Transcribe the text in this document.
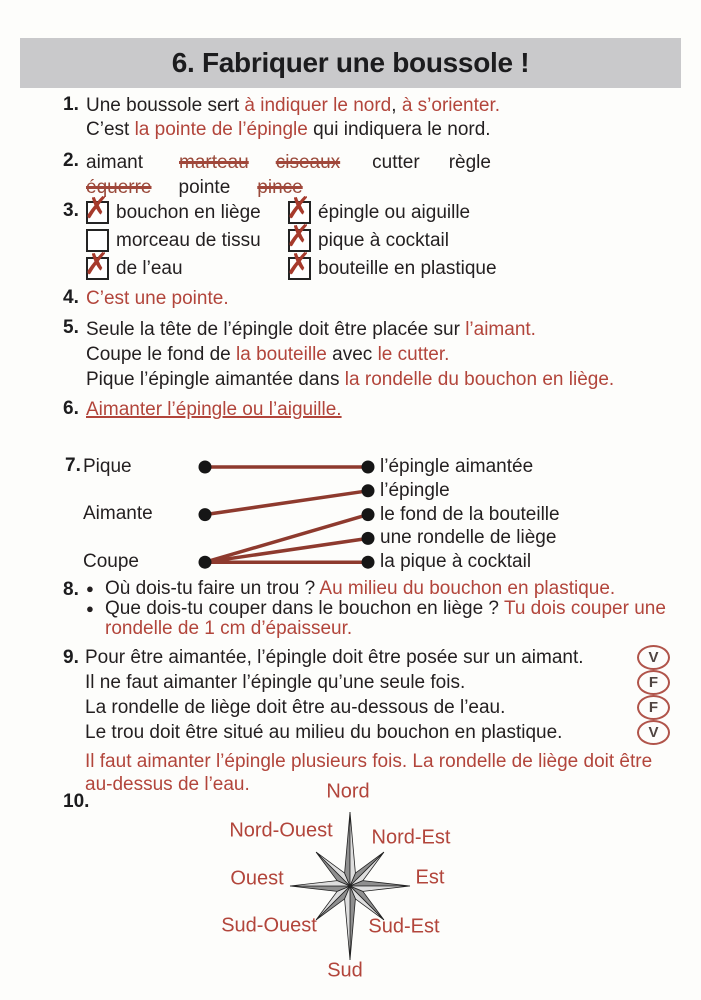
6. Fabriquer une boussole !
1. Une boussole sert à indiquer le nord, à s’orienter.

C’est la pointe de l’épingle qui indiquera le nord.

2. aimant marteau ciseaux cutter règle

équerre pointe pince

3. ✗ bouchon en liège ✗ épingle ou aiguille
morceau de tissu ✗ pique à cocktail
✗ de l’eau	✗ bouteille en plastique
4. C’est une pointe.

5. Seule la tête de l’épingle doit être placée sur l’aimant.

Coupe le fond de la bouteille avec le cutter.

Pique l’épingle aimantée dans la rondelle du bouchon en liège.

6. Aimanter l’épingle ou l’aiguille.

7. Pique
Aimante
Coupe
l’épingle aimantée
l’épingle
le fond de la bouteille
une rondelle de liège
la pique à cocktail
8. ● Où dois-tu faire un trou ? Au milieu du bouchon en plastique.
● Que dois-tu couper dans le bouchon en liège ? Tu dois couper une
rondelle de 1 cm d’épaisseur.
9. Pour être aimantée, l’épingle doit être posée sur un aimant.	V
Il ne faut aimanter l’épingle qu’une seule fois.	F
La rondelle de liège doit être au-dessous de l’eau.	F
Le trou doit être situé au milieu du bouchon en plastique.	V
Il faut aimanter l’épingle plusieurs fois. La rondelle de liège doit être
au-dessus de l’eau.
10.	Nord
Nord-Ouest Nord-Est
Ouest	Est
Sud-Ouest	Sud-Est
Sud
